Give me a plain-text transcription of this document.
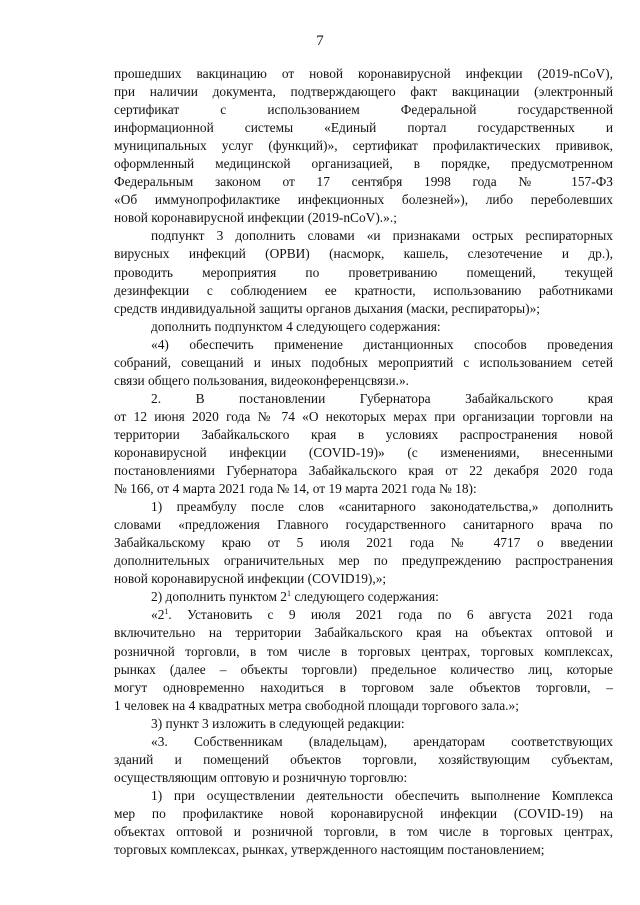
7
прошедших вакцинацию от новой коронавирусной инфекции (2019-nCoV),
при наличии документа, подтверждающего факт вакцинации (электронный
сертификат с использованием Федеральной государственной
информационной системы «Единый портал государственных и
муниципальных услуг (функций)», сертификат профилактических прививок,
оформленный медицинской организацией, в порядке, предусмотренном
Федеральным законом от 17 сентября 1998 года № 157-ФЗ
«Об иммунопрофилактике инфекционных болезней»), либо переболевших
новой коронавирусной инфекции (2019-nCoV).».;
подпункт 3 дополнить словами «и признаками острых респираторных
вирусных инфекций (ОРВИ) (насморк, кашель, слезотечение и др.),
проводить мероприятия по проветриванию помещений, текущей
дезинфекции с соблюдением ее кратности, использованию работниками
средств индивидуальной защиты органов дыхания (маски, респираторы)»;
дополнить подпунктом 4 следующего содержания:
«4) обеспечить применение дистанционных способов проведения
собраний, совещаний и иных подобных мероприятий с использованием сетей
связи общего пользования, видеоконференцсвязи.».
2. В постановлении Губернатора Забайкальского края
от 12 июня 2020 года № 74 «О некоторых мерах при организации торговли на
территории Забайкальского края в условиях распространения новой
коронавирусной инфекции (COVID-19)» (с изменениями, внесенными
постановлениями Губернатора Забайкальского края от 22 декабря 2020 года
№ 166, от 4 марта 2021 года № 14, от 19 марта 2021 года № 18):
1) преамбулу после слов «санитарного законодательства,» дополнить
словами «предложения Главного государственного санитарного врача по
Забайкальскому краю от 5 июля 2021 года № 4717 о введении
дополнительных ограничительных мер по предупреждению распространения
новой коронавирусной инфекции (COVID19),»;
2) дополнить пунктом $2^1$ следующего содержания:
«$2^1$. Установить с 9 июля 2021 года по 6 августа 2021 года
включительно на территории Забайкальского края на объектах оптовой и
розничной торговли, в том числе в торговых центрах, торговых комплексах,
рынках (далее – объекты торговли) предельное количество лиц, которые
могут одновременно находиться в торговом зале объектов торговли, –
1 человек на 4 квадратных метра свободной площади торгового зала.»;
3) пункт 3 изложить в следующей редакции:
«3. Собственникам (владельцам), арендаторам соответствующих
зданий и помещений объектов торговли, хозяйствующим субъектам,
осуществляющим оптовую и розничную торговлю:
1) при осуществлении деятельности обеспечить выполнение Комплекса
мер по профилактике новой коронавирусной инфекции (COVID-19) на
объектах оптовой и розничной торговли, в том числе в торговых центрах,
торговых комплексах, рынках, утвержденного настоящим постановлением;
